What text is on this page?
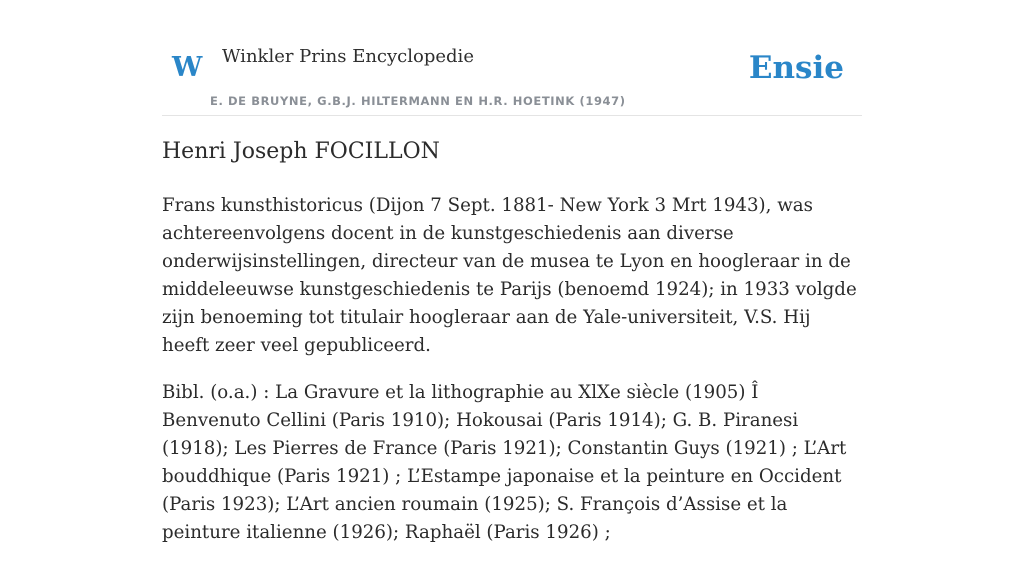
W Winkler Prins Encyclopedie
E. DE BRUYNE, G.B.J. HILTERMANN EN H.R. HOETINK (1947)
Ensie
Henri Joseph FOCILLON

Frans kunsthistoricus (Dijon 7 Sept. 1881- New York 3 Mrt 1943), was achtereenvolgens docent in de kunstgeschiedenis aan diverse onderwijsinstellingen, directeur van de musea te Lyon en hoogleraar in de middeleeuwse kunstgeschiedenis te Parijs (benoemd 1924); in 1933 volgde zijn benoeming tot titulair hoogleraar aan de Yale-universiteit, V.S. Hij heeft zeer veel gepubliceerd.

Bibl. (o.a.) : La Gravure et la lithographie au XlXe siècle (1905) Î Benvenuto Cellini (Paris 1910); Hokousai (Paris 1914); G. B. Piranesi (1918); Les Pierres de France (Paris 1921); Constantin Guys (1921) ; L’Art bouddhique (Paris 1921) ; L’Estampe japonaise et la peinture en Occident (Paris 1923); L’Art ancien roumain (1925); S. François d’Assise et la peinture italienne (1926); Raphaël (Paris 1926) ;
